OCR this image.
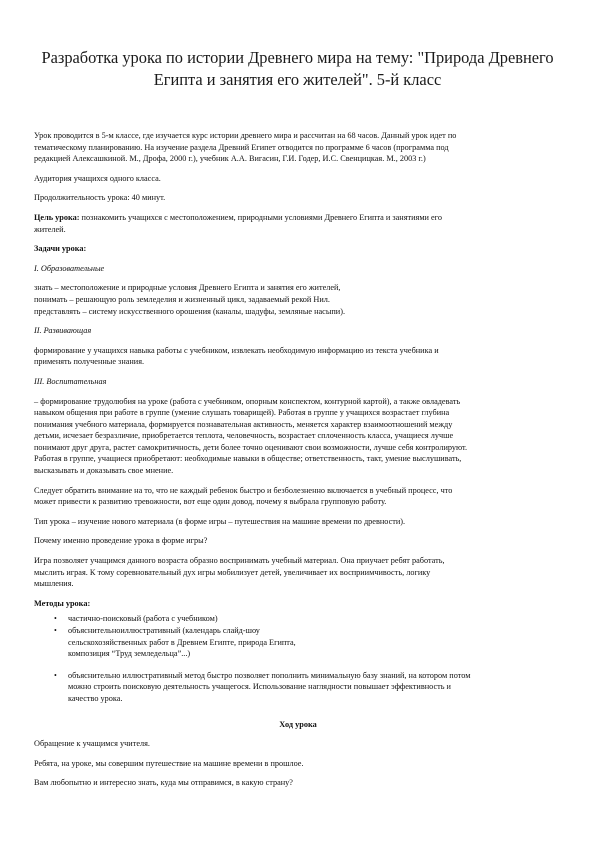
Разработка урока по истории Древнего мира на тему: "Природа Древнего
Египта и занятия его жителей". 5-й класс

Урок проводится в 5-м классе, где изучается курс истории древнего мира и рассчитан на 68 часов. Данный урок идет по
тематическому планированию. На изучение раздела Древний Египет отводится по программе 6 часов (программа под
редакцией Алексашкиной. М., Дрофа, 2000 г.), учебник А.А. Вигасин, Г.И. Годер, И.С. Свенцицкая. М., 2003 г.)

Аудитория учащихся одного класса.

Продолжительность урока: 40 минут.

Цель урока: познакомить учащихся с местоположением, природными условиями Древнего Египта и занятиями его
жителей.

Задачи урока:

I. Образовательные

знать – местоположение и природные условия Древнего Египта и занятия его жителей,
понимать – решающую роль земледелия и жизненный цикл, задаваемый рекой Нил.
представлять – систему искусственного орошения (каналы, шадуфы, земляные насыпи).

II. Развивающая

формирование у учащихся навыка работы с учебником, извлекать необходимую информацию из текста учебника и
применять полученные знания.

III. Воспитательная

– формирование трудолюбия на уроке (работа с учебником, опорным конспектом, контурной картой), а также овладевать
навыком общения при работе в группе (умение слушать товарищей). Работая в группе у учащихся возрастает глубина
понимания учебного материала, формируется познавательная активность, меняется характер взаимоотношений между
детьми, исчезает безразличие, приобретается теплота, человечность, возрастает сплоченность класса, учащиеся лучше
понимают друг друга, растет самокритичность, дети более точно оценивают свои возможности, лучше себя контролируют.
Работая в группе, учащиеся приобретают: необходимые навыки в обществе; ответственность, такт, умение выслушивать,
высказывать и доказывать свое мнение.

Следует обратить внимание на то, что не каждый ребенок быстро и безболезненно включается в учебный процесс, что
может привести к развитию тревожности, вот еще один довод, почему я выбрала групповую работу.

Тип урока – изучение нового материала (в форме игры – путешествия на машине времени по древности).

Почему именно проведение урока в форме игры?

Игра позволяет учащимся данного возраста образно воспринимать учебный материал. Она приучает ребят работать,
мыслить играя. К тому соревновательный дух игры мобилизует детей, увеличивает их восприимчивость, логику
мышления.

Методы урока:

• частично-поисковый (работа с учебником)
• объяснительноиллюстративный (календарь слайд-шоу
сельскохозяйственных работ в Древнем Египте, природа Египта,
композиция “Труд земледельца”...)
• объяснительно иллюстративный метод быстро позволяет пополнить минимальную базу знаний, на котором потом
можно строить поисковую деятельность учащегося. Использование наглядности повышает эффективность и
качество урока.

Ход урока

Обращение к учащимся учителя.

Ребята, на уроке, мы совершим путешествие на машине времени в прошлое.

Вам любопытно и интересно знать, куда мы отправимся, в какую страну?
